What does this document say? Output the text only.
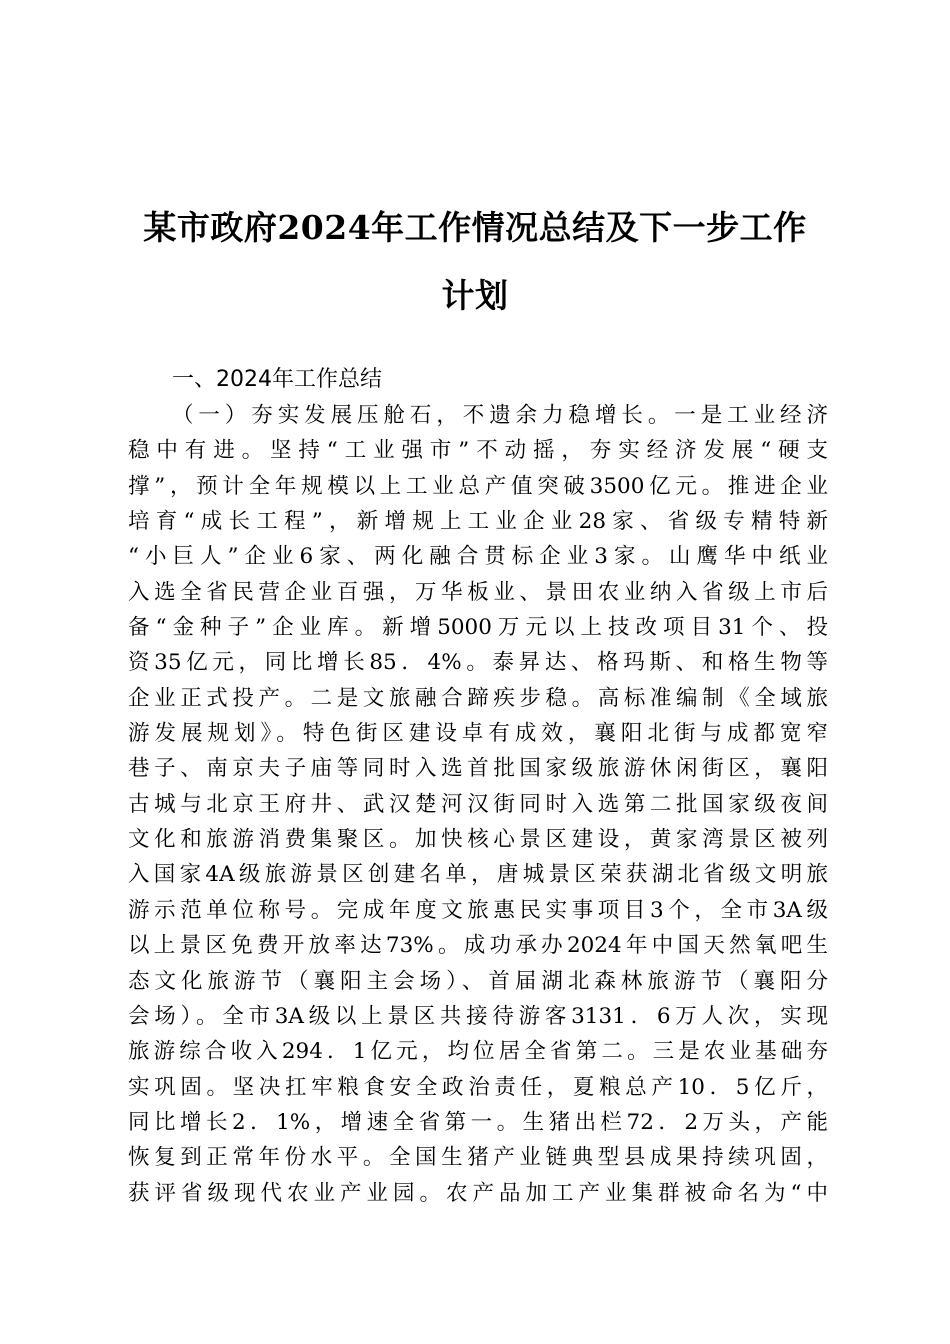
某市政府2024年工作情况总结及下一步工作
计划
一、2024年工作总结
（一）夯实发展压舱石，不遗余力稳增长。一是工业经济
稳中有进。坚持“工业强市”不动摇，夯实经济发展“硬支
撑”，预计全年规模以上工业总产值突破3500亿元。推进企业
培育“成长工程”，新增规上工业企业28家、省级专精特新
“小巨人”企业6家、两化融合贯标企业3家。山鹰华中纸业
入选全省民营企业百强，万华板业、景田农业纳入省级上市后
备“金种子”企业库。新增5000万元以上技改项目31个、投
资35亿元，同比增长85．4%。泰昇达、格玛斯、和格生物等
企业正式投产。二是文旅融合蹄疾步稳。高标准编制《全域旅
游发展规划》。特色街区建设卓有成效，襄阳北街与成都宽窄
巷子、南京夫子庙等同时入选首批国家级旅游休闲街区，襄阳
古城与北京王府井、武汉楚河汉街同时入选第二批国家级夜间
文化和旅游消费集聚区。加快核心景区建设，黄家湾景区被列
入国家4A级旅游景区创建名单，唐城景区荣获湖北省级文明旅
游示范单位称号。完成年度文旅惠民实事项目3个，全市3A级
以上景区免费开放率达73%。成功承办2024年中国天然氧吧生
态文化旅游节（襄阳主会场）、首届湖北森林旅游节（襄阳分
会场）。全市3A级以上景区共接待游客3131．6万人次，实现
旅游综合收入294．1亿元，均位居全省第二。三是农业基础夯
实巩固。坚决扛牢粮食安全政治责任，夏粮总产10．5亿斤，
同比增长2．1%，增速全省第一。生猪出栏72．2万头，产能
恢复到正常年份水平。全国生猪产业链典型县成果持续巩固，
获评省级现代农业产业园。农产品加工产业集群被命名为“中
